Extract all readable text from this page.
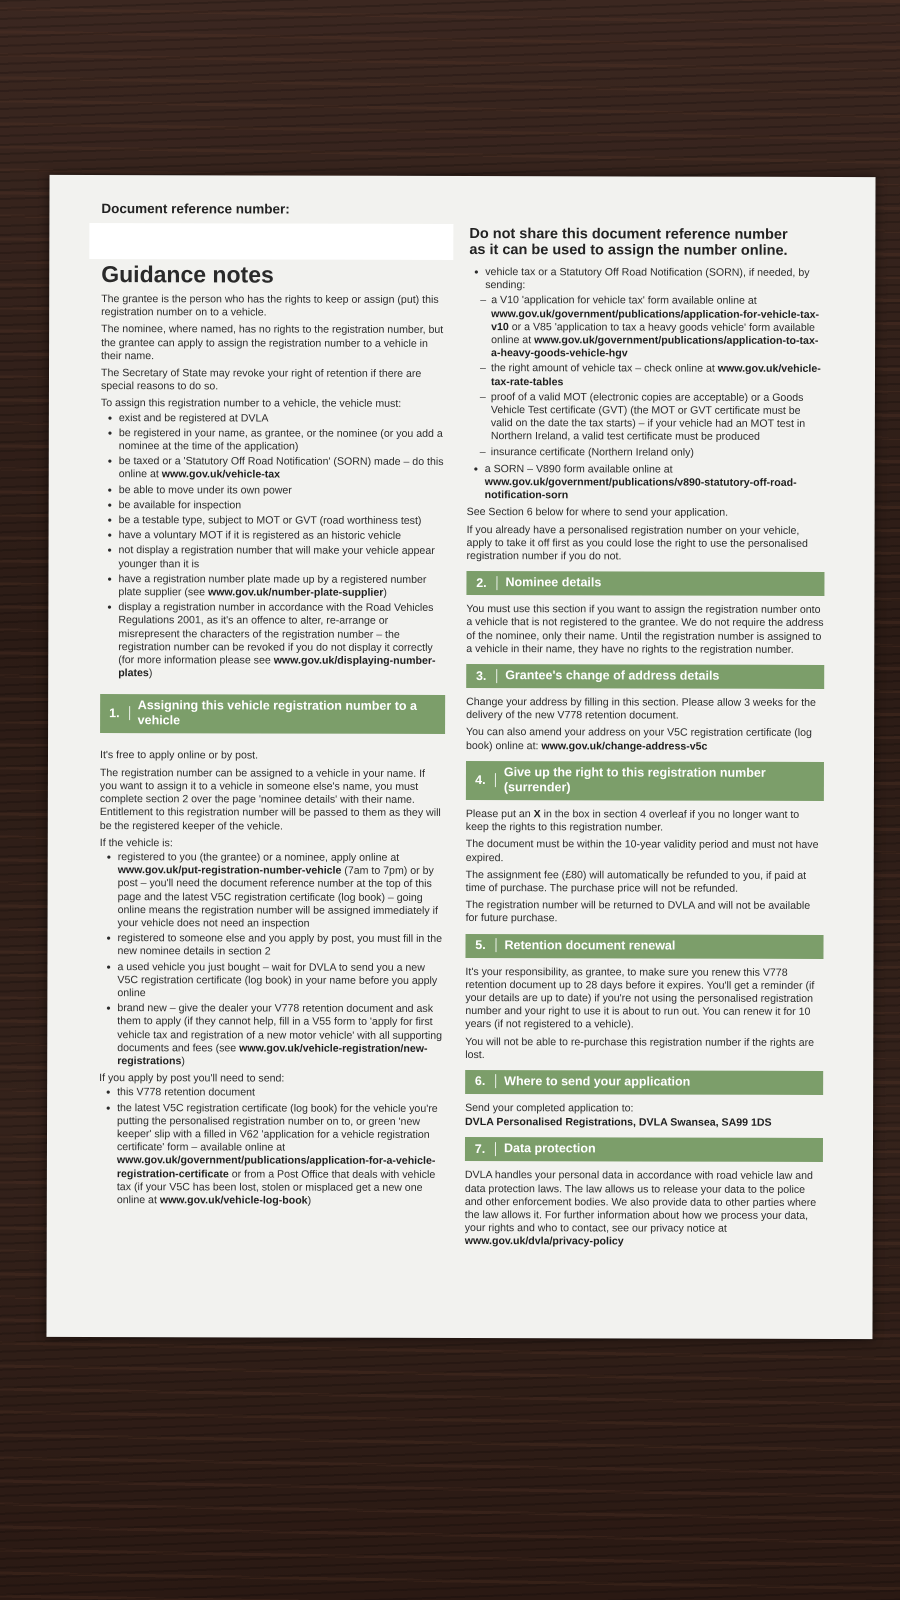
Document reference number:
Do not share this document reference number as it can be used to assign the number online.
Guidance notes

The grantee is the person who has the rights to keep or assign (put) this registration number on to a vehicle.

The nominee, where named, has no rights to the registration number, but the grantee can apply to assign the registration number to a vehicle in their name.

The Secretary of State may revoke your right of retention if there are special reasons to do so.

To assign this registration number to a vehicle, the vehicle must:

• exist and be registered at DVLA
• be registered in your name, as grantee, or the nominee (or you add a nominee at the time of the application)
• be taxed or a 'Statutory Off Road Notification' (SORN) made – do this online at www.gov.uk/vehicle-tax
• be able to move under its own power
• be available for inspection
• be a testable type, subject to MOT or GVT (road worthiness test)
• have a voluntary MOT if it is registered as an historic vehicle
• not display a registration number that will make your vehicle appear younger than it is
• have a registration number plate made up by a registered number plate supplier (see www.gov.uk/number-plate-supplier)
• display a registration number in accordance with the Road Vehicles Regulations 2001, as it's an offence to alter, re-arrange or misrepresent the characters of the registration number – the registration number can be revoked if you do not display it correctly (for more information please see www.gov.uk/displaying-number-plates)
1.
Assigning this vehicle registration number to a vehicle

It's free to apply online or by post.

The registration number can be assigned to a vehicle in your name. If you want to assign it to a vehicle in someone else's name, you must complete section 2 over the page 'nominee details' with their name. Entitlement to this registration number will be passed to them as they will be the registered keeper of the vehicle.

If the vehicle is:

• registered to you (the grantee) or a nominee, apply online at www.gov.uk/put-registration-number-vehicle (7am to 7pm) or by post – you'll need the document reference number at the top of this page and the latest V5C registration certificate (log book) – going online means the registration number will be assigned immediately if your vehicle does not need an inspection
• registered to someone else and you apply by post, you must fill in the new nominee details in section 2
• a used vehicle you just bought – wait for DVLA to send you a new V5C registration certificate (log book) in your name before you apply online
• brand new – give the dealer your V778 retention document and ask them to apply (if they cannot help, fill in a V55 form to 'apply for first vehicle tax and registration of a new motor vehicle' with all supporting documents and fees (see www.gov.uk/vehicle-registration/new-registrations)

If you apply by post you'll need to send:

• this V778 retention document
• the latest V5C registration certificate (log book) for the vehicle you're putting the personalised registration number on to, or green 'new keeper' slip with a filled in V62 'application for a vehicle registration certificate' form – available online at www.gov.uk/government/publications/application-for-a-vehicle-registration-certificate or from a Post Office that deals with vehicle tax (if your V5C has been lost, stolen or misplaced get a new one online at www.gov.uk/vehicle-log-book)
• vehicle tax or a Statutory Off Road Notification (SORN), if needed, by sending:
– a V10 'application for vehicle tax' form available online at www.gov.uk/government/publications/application-for-vehicle-tax-v10 or a V85 'application to tax a heavy goods vehicle' form available online at www.gov.uk/government/publications/application-to-tax-a-heavy-goods-vehicle-hgv
– the right amount of vehicle tax – check online at www.gov.uk/vehicle-tax-rate-tables
– proof of a valid MOT (electronic copies are acceptable) or a Goods Vehicle Test certificate (GVT) (the MOT or GVT certificate must be valid on the date the tax starts) – if your vehicle had an MOT test in Northern Ireland, a valid test certificate must be produced
– insurance certificate (Northern Ireland only)
• a SORN – V890 form available online at www.gov.uk/government/publications/v890-statutory-off-road-notification-sorn

See Section 6 below for where to send your application.

If you already have a personalised registration number on your vehicle, apply to take it off first as you could lose the right to use the personalised registration number if you do not.

2.	Nominee details

You must use this section if you want to assign the registration number onto a vehicle that is not registered to the grantee. We do not require the address of the nominee, only their name. Until the registration number is assigned to a vehicle in their name, they have no rights to the registration number.

3.	Grantee's change of address details

Change your address by filling in this section. Please allow 3 weeks for the delivery of the new V778 retention document.

You can also amend your address on your V5C registration certificate (log book) online at: www.gov.uk/change-address-v5c

4.
Give up the right to this registration number (surrender)

Please put an X in the box in section 4 overleaf if you no longer want to keep the rights to this registration number.

The document must be within the 10-year validity period and must not have expired.

The assignment fee (£80) will automatically be refunded to you, if paid at time of purchase. The purchase price will not be refunded.

The registration number will be returned to DVLA and will not be available for future purchase.

5.	Retention document renewal

It's your responsibility, as grantee, to make sure you renew this V778 retention document up to 28 days before it expires. You'll get a reminder (if your details are up to date) if you're not using the personalised registration number and your right to use it is about to run out. You can renew it for 10 years (if not registered to a vehicle).

You will not be able to re-purchase this registration number if the rights are lost.

6.	Where to send your application

Send your completed application to:

DVLA Personalised Registrations, DVLA Swansea, SA99 1DS

7.	Data protection

DVLA handles your personal data in accordance with road vehicle law and data protection laws. The law allows us to release your data to the police and other enforcement bodies. We also provide data to other parties where the law allows it. For further information about how we process your data, your rights and who to contact, see our privacy notice at www.gov.uk/dvla/privacy-policy
